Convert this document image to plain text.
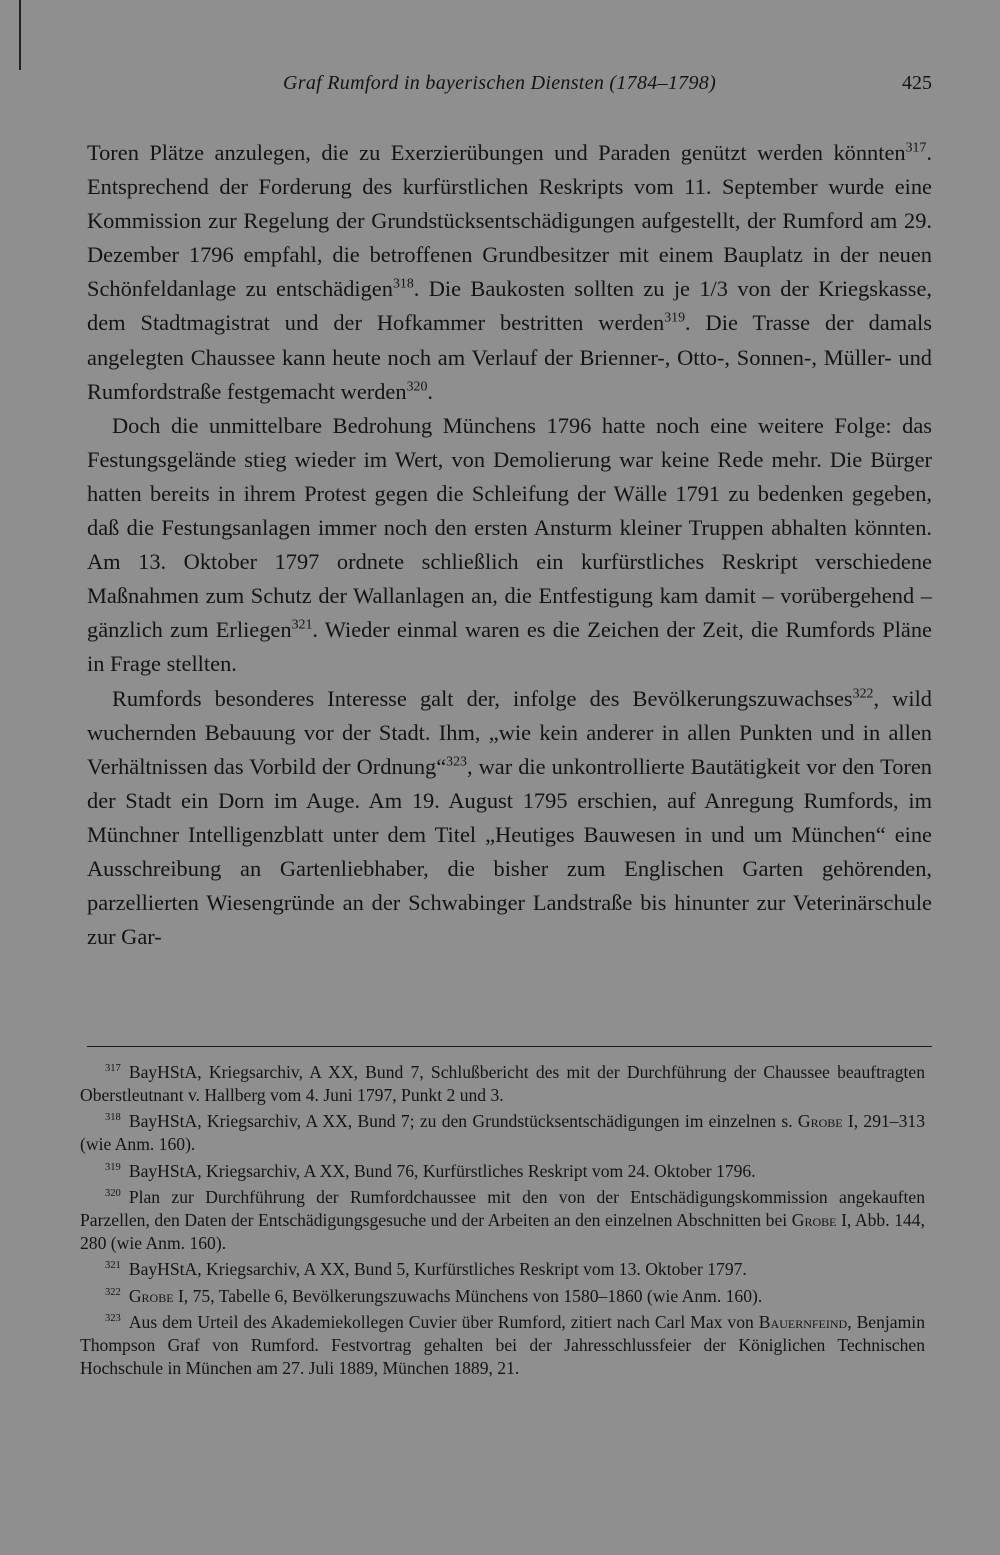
Graf Rumford in bayerischen Diensten (1784–1798)	425

Toren Plätze anzulegen, die zu Exerzierübungen und Paraden genützt werden könnten$^{317}$. Entsprechend der Forderung des kurfürstlichen Reskripts vom 11. September wurde eine Kommission zur Regelung der Grundstücksentschädigungen aufgestellt, der Rumford am 29. Dezember 1796 empfahl, die betroffenen Grundbesitzer mit einem Bauplatz in der neuen Schönfeldanlage zu entschädigen$^{318}$. Die Baukosten sollten zu je 1/3 von der Kriegskasse, dem Stadtmagistrat und der Hofkammer bestritten werden$^{319}$. Die Trasse der damals angelegten Chaussee kann heute noch am Verlauf der Brienner-, Otto-, Sonnen-, Müller- und Rumfordstraße festgemacht werden$^{320}$.

Doch die unmittelbare Bedrohung Münchens 1796 hatte noch eine weitere Folge: das Festungsgelände stieg wieder im Wert, von Demolierung war keine Rede mehr. Die Bürger hatten bereits in ihrem Protest gegen die Schleifung der Wälle 1791 zu bedenken gegeben, daß die Festungsanlagen immer noch den ersten Ansturm kleiner Truppen abhalten könnten. Am 13. Oktober 1797 ordnete schließlich ein kurfürstliches Reskript verschiedene Maßnahmen zum Schutz der Wallanlagen an, die Entfestigung kam damit – vorübergehend – gänzlich zum Erliegen$^{321}$. Wieder einmal waren es die Zeichen der Zeit, die Rumfords Pläne in Frage stellten.

Rumfords besonderes Interesse galt der, infolge des Bevölkerungszuwachses$^{322}$, wild wuchernden Bebauung vor der Stadt. Ihm, „wie kein anderer in allen Punkten und in allen Verhältnissen das Vorbild der Ordnung“$^{323}$, war die unkontrollierte Bautätigkeit vor den Toren der Stadt ein Dorn im Auge. Am 19. August 1795 erschien, auf Anregung Rumfords, im Münchner Intelligenzblatt unter dem Titel „Heutiges Bauwesen in und um München“ eine Ausschreibung an Gartenliebhaber, die bisher zum Englischen Garten gehörenden, parzellierten Wiesengründe an der Schwabinger Landstraße bis hinunter zur Veterinärschule zur Gar-

$^{317}$ BayHStA, Kriegsarchiv, A XX, Bund 7, Schlußbericht des mit der Durchführung der Chaussee beauftragten Oberstleutnant v. Hallberg vom 4. Juni 1797, Punkt 2 und 3.

$^{318}$ BayHStA, Kriegsarchiv, A XX, Bund 7; zu den Grundstücksentschädigungen im einzelnen s. Grobe I, 291–313 (wie Anm. 160).

$^{319}$ BayHStA, Kriegsarchiv, A XX, Bund 76, Kurfürstliches Reskript vom 24. Oktober 1796.

$^{320}$ Plan zur Durchführung der Rumfordchaussee mit den von der Entschädigungskommission angekauften Parzellen, den Daten der Entschädigungsgesuche und der Arbeiten an den einzelnen Abschnitten bei Grobe I, Abb. 144, 280 (wie Anm. 160).

$^{321}$ BayHStA, Kriegsarchiv, A XX, Bund 5, Kurfürstliches Reskript vom 13. Oktober 1797.

$^{322}$ Grobe I, 75, Tabelle 6, Bevölkerungszuwachs Münchens von 1580–1860 (wie Anm. 160).

$^{323}$ Aus dem Urteil des Akademiekollegen Cuvier über Rumford, zitiert nach Carl Max von Bauernfeind, Benjamin Thompson Graf von Rumford. Festvortrag gehalten bei der Jahresschlussfeier der Königlichen Technischen Hochschule in München am 27. Juli 1889, München 1889, 21.
